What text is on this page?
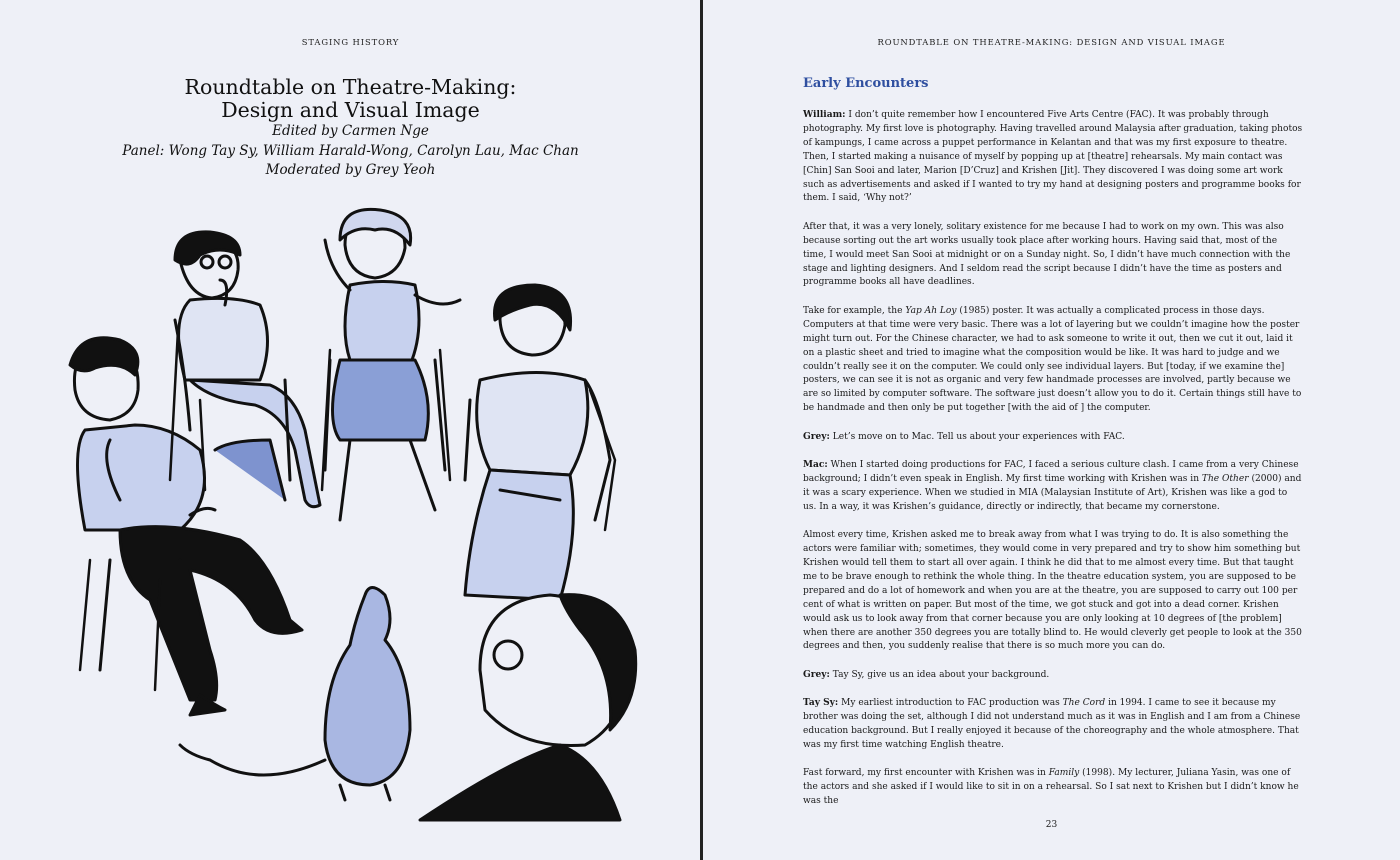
STAGING HISTORY
Roundtable on Theatre-Making:
Design and Visual Image
Edited by Carmen Nge
Panel: Wong Tay Sy, William Harald-Wong, Carolyn Lau, Mac Chan
Moderated by Grey Yeoh
ROUNDTABLE ON THEATRE-MAKING: DESIGN AND VISUAL IMAGE
Early Encounters

William: I don’t quite remember how I encountered Five Arts Centre (FAC). It was probably through photography. My first love is photography. Having travelled around Malaysia after graduation, taking photos of kampungs, I came across a puppet performance in Kelantan and that was my first exposure to theatre. Then, I started making a nuisance of myself by popping up at [theatre] rehearsals. My main contact was [Chin] San Sooi and later, Marion [D’Cruz] and Krishen [Jit]. They discovered I was doing some art work such as advertisements and asked if I wanted to try my hand at designing posters and programme books for them. I said, ‘Why not?’

After that, it was a very lonely, solitary existence for me because I had to work on my own. This was also because sorting out the art works usually took place after working hours. Having said that, most of the time, I would meet San Sooi at midnight or on a Sunday night. So, I didn’t have much connection with the stage and lighting designers. And I seldom read the script because I didn’t have the time as posters and programme books all have deadlines.

Take for example, the Yap Ah Loy (1985) poster. It was actually a complicated process in those days. Computers at that time were very basic. There was a lot of layering but we couldn’t imagine how the poster might turn out. For the Chinese character, we had to ask someone to write it out, then we cut it out, laid it on a plastic sheet and tried to imagine what the composition would be like. It was hard to judge and we couldn’t really see it on the computer. We could only see individual layers. But [today, if we examine the] posters, we can see it is not as organic and very few handmade processes are involved, partly because we are so limited by computer software. The software just doesn’t allow you to do it. Certain things still have to be handmade and then only be put together [with the aid of ] the computer.

Grey: Let’s move on to Mac. Tell us about your experiences with FAC.

Mac: When I started doing productions for FAC, I faced a serious culture clash. I came from a very Chinese background; I didn’t even speak in English. My first time working with Krishen was in The Other (2000) and it was a scary experience. When we studied in MIA (Malaysian Institute of Art), Krishen was like a god to us. In a way, it was Krishen’s guidance, directly or indirectly, that became my cornerstone.

Almost every time, Krishen asked me to break away from what I was trying to do. It is also something the actors were familiar with; sometimes, they would come in very prepared and try to show him something but Krishen would tell them to start all over again. I think he did that to me almost every time. But that taught me to be brave enough to rethink the whole thing. In the theatre education system, you are supposed to be prepared and do a lot of homework and when you are at the theatre, you are supposed to carry out 100 per cent of what is written on paper. But most of the time, we got stuck and got into a dead corner. Krishen would ask us to look away from that corner because you are only looking at 10 degrees of [the problem] when there are another 350 degrees you are totally blind to. He would cleverly get people to look at the 350 degrees and then, you suddenly realise that there is so much more you can do.

Grey: Tay Sy, give us an idea about your background.

Tay Sy: My earliest introduction to FAC production was The Cord in 1994. I came to see it because my brother was doing the set, although I did not understand much as it was in English and I am from a Chinese education background. But I really enjoyed it because of the choreography and the whole atmosphere. That was my first time watching English theatre.

Fast forward, my first encounter with Krishen was in Family (1998). My lecturer, Juliana Yasin, was one of the actors and she asked if I would like to sit in on a rehearsal. So I sat next to Krishen but I didn’t know he was the

23
